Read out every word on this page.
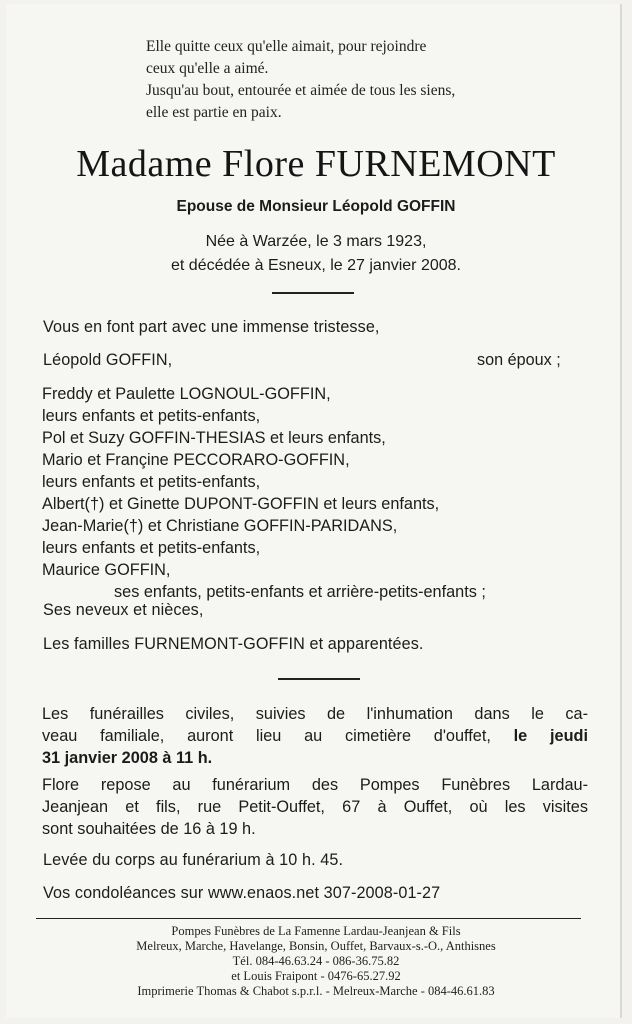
Elle quitte ceux qu'elle aimait, pour rejoindre
ceux qu'elle a aimé.
Jusqu'au bout, entourée et aimée de tous les siens,
elle est partie en paix.
Madame Flore FURNEMONT
Epouse de Monsieur Léopold GOFFIN
Née à Warzée, le 3 mars 1923,
et décédée à Esneux, le 27 janvier 2008.
Vous en font part avec une immense tristesse,
Léopold GOFFIN,	son époux ;
Freddy et Paulette LOGNOUL-GOFFIN,
leurs enfants et petits-enfants,
Pol et Suzy GOFFIN-THESIAS et leurs enfants,
Mario et Françine PECCORARO-GOFFIN,
leurs enfants et petits-enfants,
Albert(†) et Ginette DUPONT-GOFFIN et leurs enfants,
Jean-Marie(†) et Christiane GOFFIN-PARIDANS,
leurs enfants et petits-enfants,
Maurice GOFFIN,
ses enfants, petits-enfants et arrière-petits-enfants ;
Ses neveux et nièces,
Les familles FURNEMONT-GOFFIN et apparentées.
Les funérailles civiles, suivies de l'inhumation dans le ca-
veau familiale, auront lieu au cimetière d'ouffet, le jeudi
31 janvier 2008 à 11 h.
Flore repose au funérarium des Pompes Funèbres Lardau-
Jeanjean et fils, rue Petit-Ouffet, 67 à Ouffet, où les visites
sont souhaitées de 16 à 19 h.
Levée du corps au funérarium à 10 h. 45.
Vos condoléances sur www.enaos.net 307-2008-01-27
Pompes Funèbres de La Famenne Lardau-Jeanjean & Fils
Melreux, Marche, Havelange, Bonsin, Ouffet, Barvaux-s.-O., Anthisnes
Tél. 084-46.63.24 - 086-36.75.82
et Louis Fraipont - 0476-65.27.92
Imprimerie Thomas & Chabot s.p.r.l. - Melreux-Marche - 084-46.61.83
